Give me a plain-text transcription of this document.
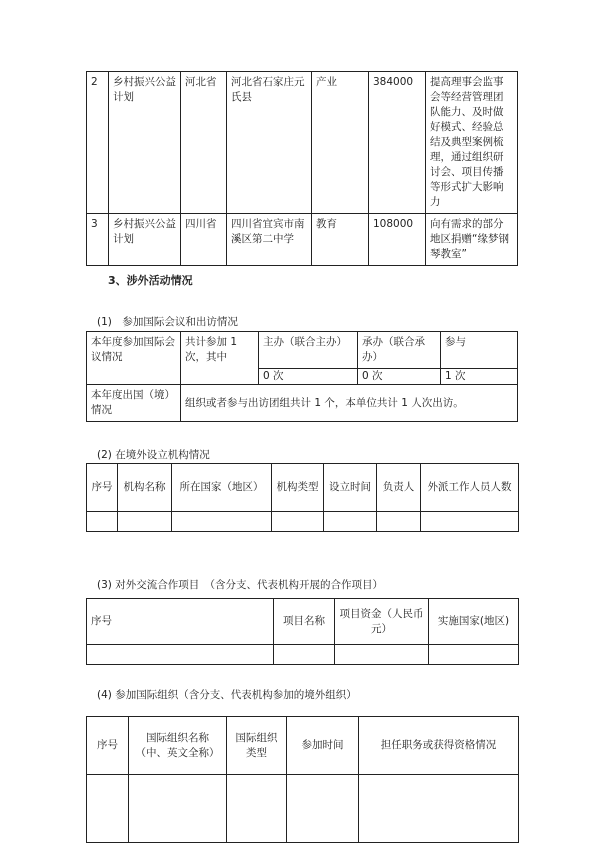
2	乡村振兴公益计划	河北省	河北省石家庄元氏县	产业	384000	提高理事会监事会等经营管理团队能力、及时做好模式、经验总结及典型案例梳理，通过组织研讨会、项目传播等形式扩大影响力
3	乡村振兴公益计划	四川省	四川省宜宾市南溪区第二中学	教育	108000	向有需求的部分地区捐赠“缘梦钢琴教室”
3、涉外活动情况
(1)　参加国际会议和出访情况
本年度参加国际会议情况	共计参加 1 次，其中	主办（联合主办）	承办（联合承办）	参与
		0 次	0 次	1 次
本年度出国（境）情况	组织或者参与出访团组共计 1 个，本单位共计 1 人次出访。			
(2) 在境外设立机构情况
序号	机构名称	所在国家（地区）	机构类型	设立时间	负责人	外派工作人员人数

(3) 对外交流合作项目　（含分支、代表机构开展的合作项目）
序号	项目名称	项目资金（人民币元）	实施国家(地区)

(4) 参加国际组织（含分支、代表机构参加的境外组织）
序号	国际组织名称（中、英文全称）	国际组织类型	参加时间	担任职务或获得资格情况
